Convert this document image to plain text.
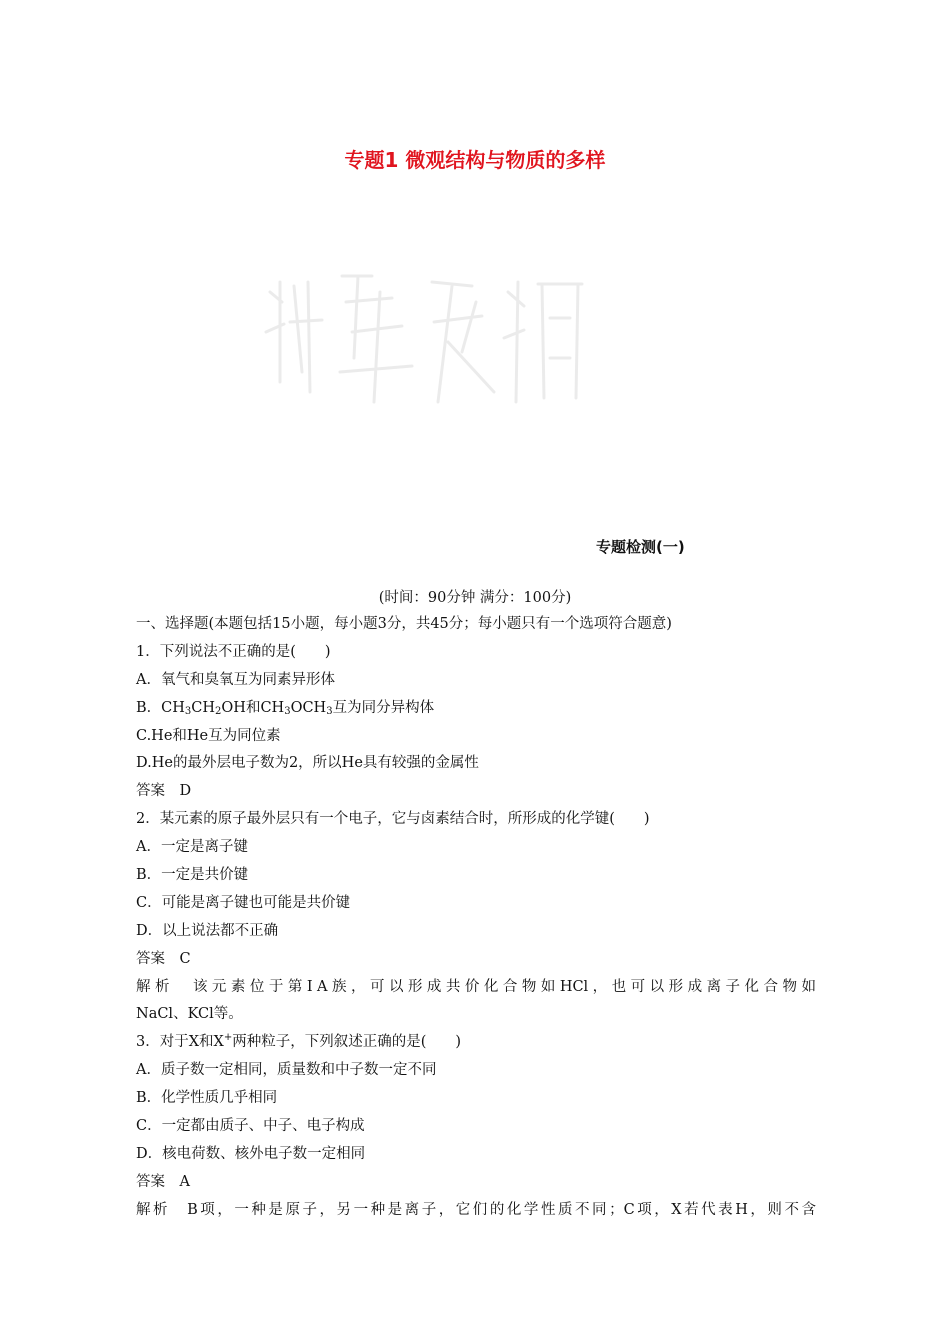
专题1 微观结构与物质的多样
专题检测(一)
(时间：90分钟 满分：100分)
一、选择题(本题包括15小题，每小题3分，共45分；每小题只有一个选项符合题意)
1．下列说法不正确的是(　　)
A．氧气和臭氧互为同素异形体
B．$CH_3CH_2OH$和$CH_3OCH_3$互为同分异构体
C.He和He互为同位素
D.He的最外层电子数为2，所以He具有较强的金属性
答案　D
2．某元素的原子最外层只有一个电子，它与卤素结合时，所形成的化学键(　　)
A．一定是离子键
B．一定是共价键
C．可能是离子键也可能是共价键
D．以上说法都不正确
答案　C
解析　该元素位于第ⅠA族，可以形成共价化合物如HCl，也可以形成离子化合物如
NaCl、KCl等。
3．对于X和X+两种粒子，下列叙述正确的是(　　)
A．质子数一定相同，质量数和中子数一定不同
B．化学性质几乎相同
C．一定都由质子、中子、电子构成
D．核电荷数、核外电子数一定相同
答案　A
解析　B项，一种是原子，另一种是离子，它们的化学性质不同；C项，X若代表H，则不含
